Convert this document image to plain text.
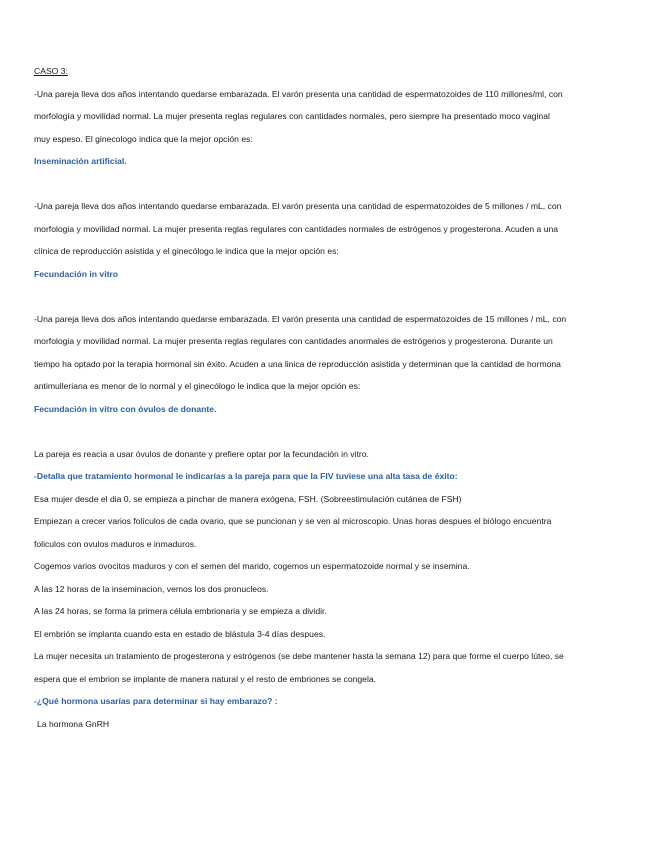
CASO 3:
-Una pareja lleva dos años intentando quedarse embarazada. El varón presenta una cantidad de espermatozoides de 110 millones/ml, con
morfología y movilidad normal. La mujer presenta reglas regulares con cantidades normales, pero siempre ha presentado moco vaginal
muy espeso. El ginecologo indica que la mejor opción es:
Inseminación artificial.
-Una pareja lleva dos años intentando quedarse embarazada. El varón presenta una cantidad de espermatozoides de 5 millones / mL, con
morfologia y movilidad normal. La mujer presenta reglas regulares con cantidades normales de estrógenos y progesterona. Acuden a una
clínica de reproducción asistida y el ginecólogo le indica que la mejor opción es:
Fecundación in vitro
-Una pareja lleva dos años intentando quedarse embarazada. El varón presenta una cantidad de espermatozoides de 15 millones / mL, con
morfologia y movilidad normal. La mujer presenta reglas regulares con cantidades anormales de estrógenos y progesterona. Durante un
tiempo ha optado por la terapia hormonal sin éxito. Acuden a una linica de reproducción asistida y determinan que la cantidad de hormona
antimulleriana es menor de lo normal y el ginecólogo le indica que la mejor opción es:
Fecundación in vitro con óvulos de donante.
La pareja es reacia a usar óvulos de donante y prefiere optar por la fecundación in vitro.
-Detalla que tratamiento hormonal le indicarías a la pareja para que la FIV tuviese una alta tasa de éxito:
Esa mujer desde el dia 0, se empieza a pinchar de manera exógena, FSH. (Sobreestimulación cutánea de FSH)
Empiezan a crecer varios folículos de cada ovario, que se puncionan y se ven al microscopio. Unas horas despues el biólogo encuentra
foliculos con ovulos maduros e inmaduros.
Cogemos varios ovocitos maduros y con el semen del marido, cogemos un espermatozoide normal y se insemina.
A las 12 horas de la inseminacion, vemos los dos pronucleos.
A las 24 horas, se forma la primera célula embrionaria y se empieza a dividir.
El embrión se implanta cuando esta en estado de blástula 3-4 días despues.
La mujer necesita un tratamiento de progesterona y estrógenos (se debe mantener hasta la semana 12) para que forme el cuerpo lúteo, se
espera que el embrion se implante de manera natural y el resto de embriones se congela.
-¿Qué hormona usarías para determinar si hay embarazo? :
La hormona GnRH
